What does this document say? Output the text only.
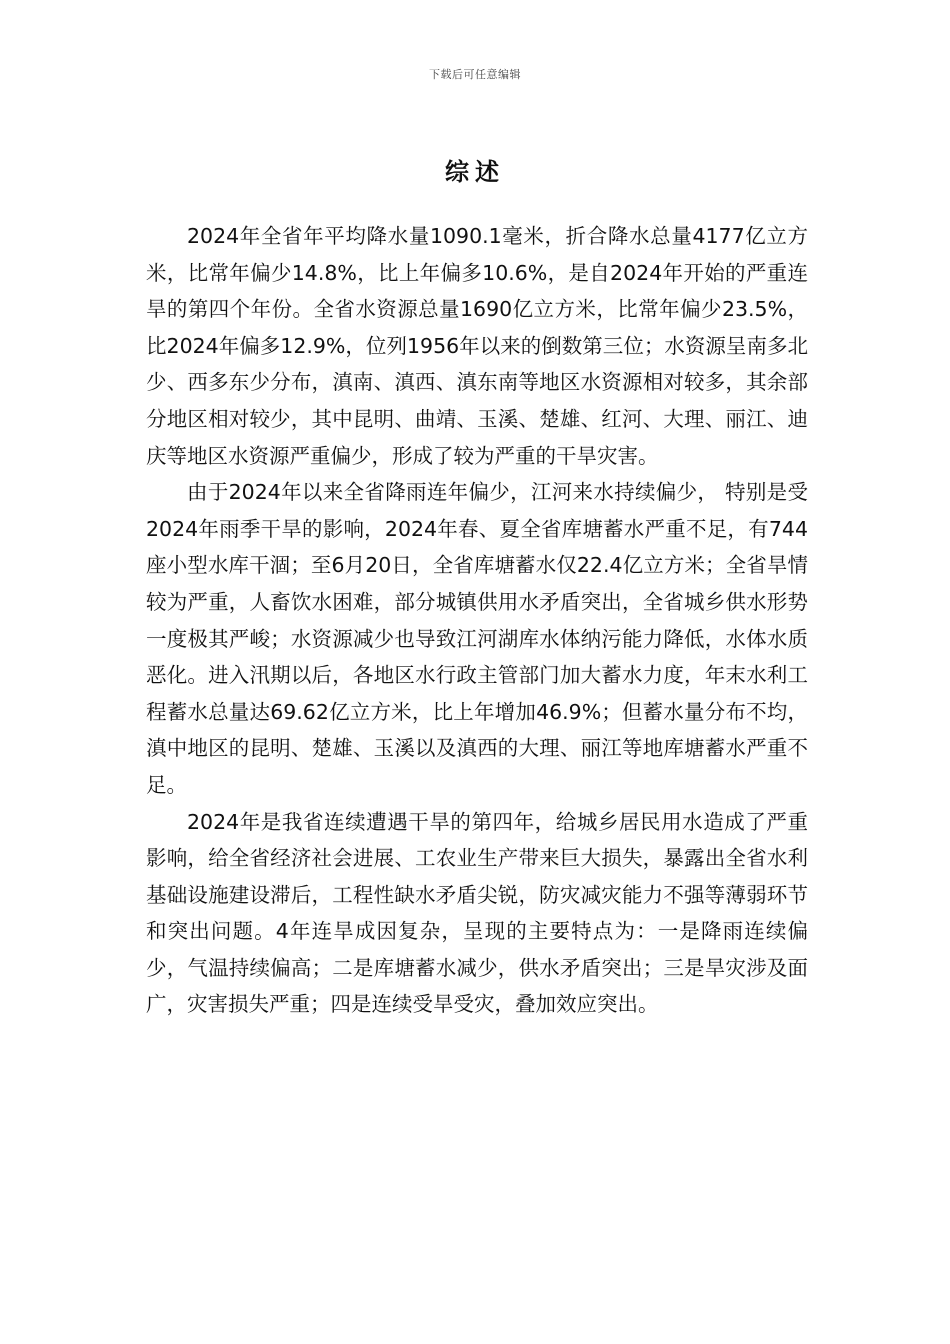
下载后可任意编辑
综述

2024年全省年平均降水量1090.1毫米，折合降水总量4177亿立方米，比常年偏少14.8%，比上年偏多10.6%，是自2024年开始的严重连旱的第四个年份。全省水资源总量1690亿立方米，比常年偏少23.5%，比2024年偏多12.9%，位列1956年以来的倒数第三位；水资源呈南多北少、西多东少分布，滇南、滇西、滇东南等地区水资源相对较多，其余部分地区相对较少，其中昆明、曲靖、玉溪、楚雄、红河、大理、丽江、迪庆等地区水资源严重偏少，形成了较为严重的干旱灾害。

由于2024年以来全省降雨连年偏少，江河来水持续偏少， 特别是受2024年雨季干旱的影响，2024年春、夏全省库塘蓄水严重不足，有744座小型水库干涸；至6月20日，全省库塘蓄水仅22.4亿立方米；全省旱情较为严重，人畜饮水困难，部分城镇供用水矛盾突出，全省城乡供水形势一度极其严峻；水资源减少也导致江河湖库水体纳污能力降低，水体水质恶化。进入汛期以后，各地区水行政主管部门加大蓄水力度，年末水利工程蓄水总量达69.62亿立方米，比上年增加46.9%；但蓄水量分布不均，滇中地区的昆明、楚雄、玉溪以及滇西的大理、丽江等地库塘蓄水严重不足。

2024年是我省连续遭遇干旱的第四年，给城乡居民用水造成了严重影响，给全省经济社会进展、工农业生产带来巨大损失，暴露出全省水利基础设施建设滞后，工程性缺水矛盾尖锐，防灾减灾能力不强等薄弱环节和突出问题。4年连旱成因复杂，呈现的主要特点为：一是降雨连续偏少，气温持续偏高；二是库塘蓄水减少，供水矛盾突出；三是旱灾涉及面广，灾害损失严重；四是连续受旱受灾，叠加效应突出。
